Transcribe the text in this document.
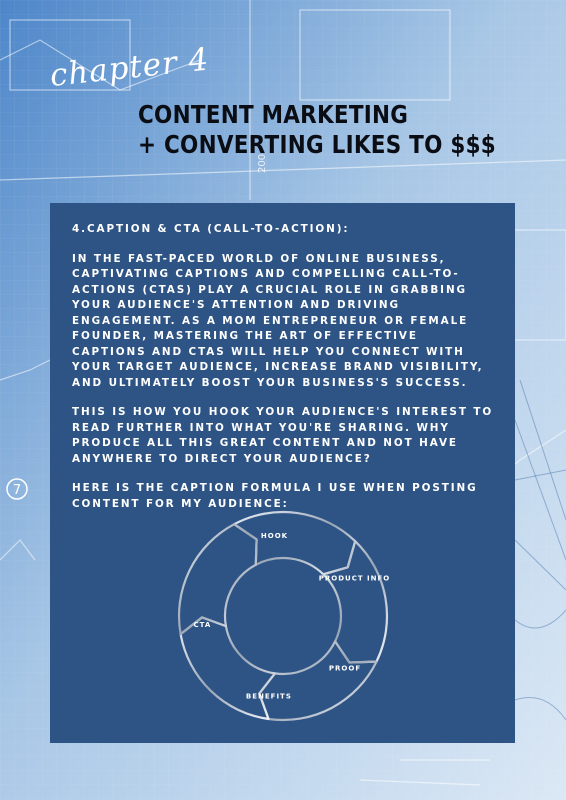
7
200
chapter 4
CONTENT MARKETING
+ CONVERTING LIKES TO $$$

4.CAPTION & CTA (CALL-TO-ACTION):

IN THE FAST-PACED WORLD OF ONLINE BUSINESS, CAPTIVATING CAPTIONS AND COMPELLING CALL-TO-ACTIONS (CTAS) PLAY A CRUCIAL ROLE IN GRABBING YOUR AUDIENCE'S ATTENTION AND DRIVING ENGAGEMENT. AS A MOM ENTREPRENEUR OR FEMALE FOUNDER, MASTERING THE ART OF EFFECTIVE CAPTIONS AND CTAS WILL HELP YOU CONNECT WITH YOUR TARGET AUDIENCE, INCREASE BRAND VISIBILITY, AND ULTIMATELY BOOST YOUR BUSINESS'S SUCCESS.

THIS IS HOW YOU HOOK YOUR AUDIENCE'S INTEREST TO READ FURTHER INTO WHAT YOU'RE SHARING. WHY PRODUCE ALL THIS GREAT CONTENT AND NOT HAVE ANYWHERE TO DIRECT YOUR AUDIENCE?

HERE IS THE CAPTION FORMULA I USE WHEN POSTING CONTENT FOR MY AUDIENCE:

HOOK
PRODUCT INFO
PROOF
BENEFITS
CTA
